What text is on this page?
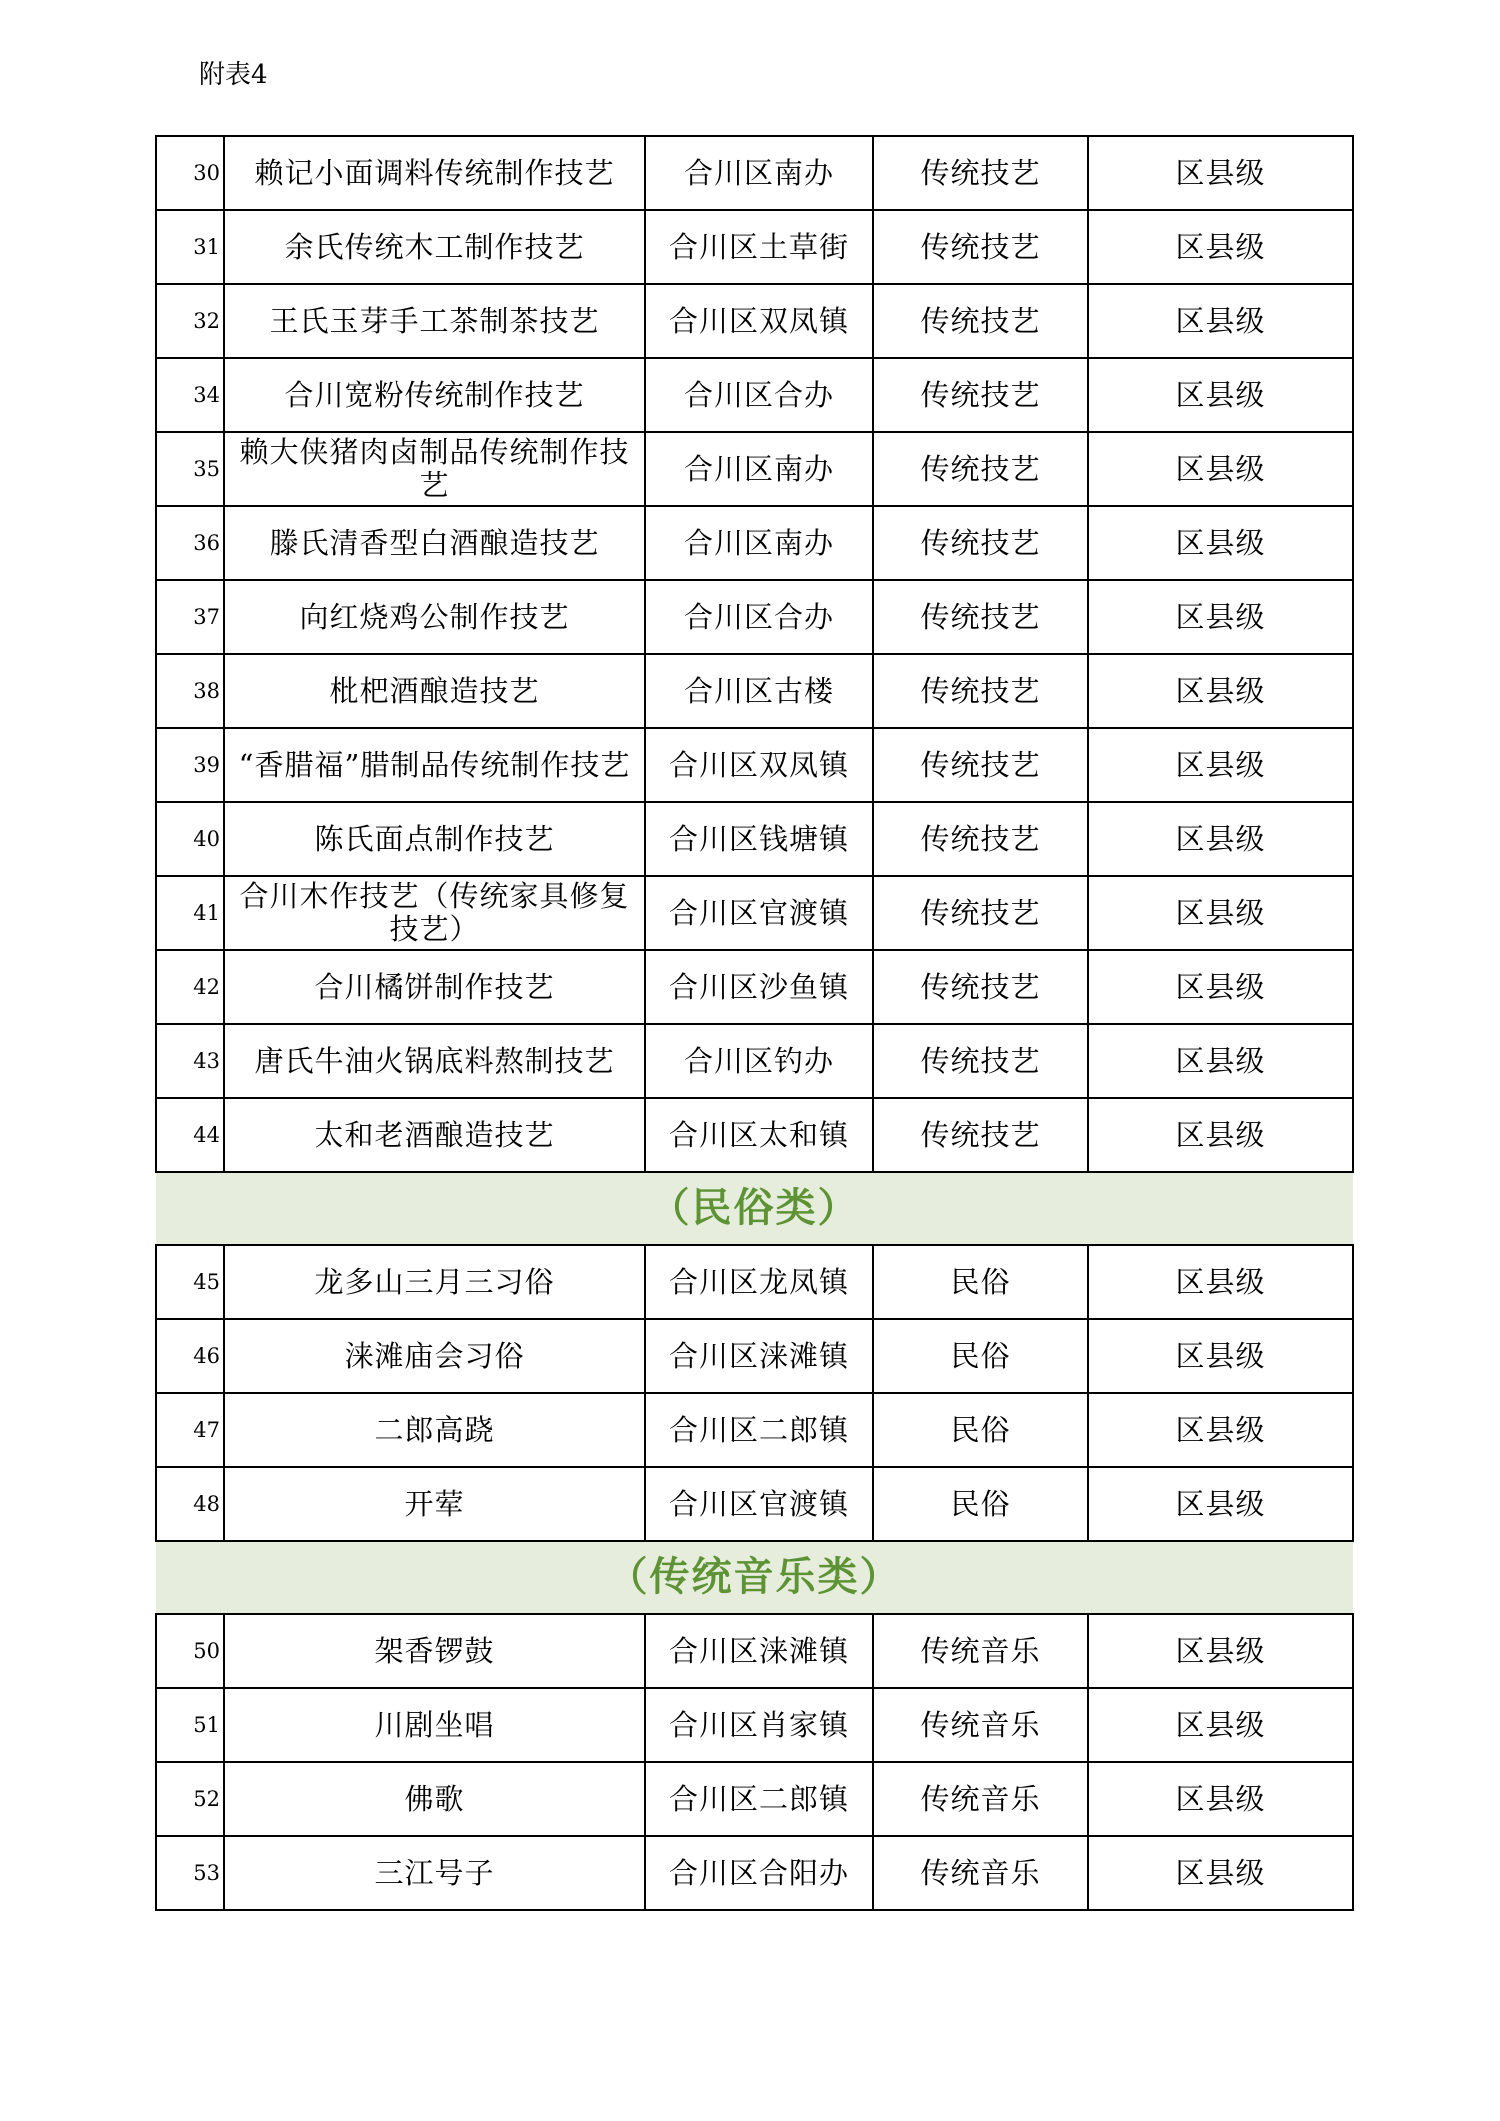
附表4
30	赖记小面调料传统制作技艺	合川区南办	传统技艺	区县级
31	余氏传统木工制作技艺	合川区土草街	传统技艺	区县级
32	王氏玉芽手工茶制茶技艺	合川区双凤镇	传统技艺	区县级
34	合川宽粉传统制作技艺	合川区合办	传统技艺	区县级
35	赖大侠猪肉卤制品传统制作技艺	合川区南办	传统技艺	区县级
36	滕氏清香型白酒酿造技艺	合川区南办	传统技艺	区县级
37	向红烧鸡公制作技艺	合川区合办	传统技艺	区县级
38	枇杷酒酿造技艺	合川区古楼	传统技艺	区县级
39	“香腊福”腊制品传统制作技艺	合川区双凤镇	传统技艺	区县级
40	陈氏面点制作技艺	合川区钱塘镇	传统技艺	区县级
41	合川木作技艺（传统家具修复技艺）	合川区官渡镇	传统技艺	区县级
42	合川橘饼制作技艺	合川区沙鱼镇	传统技艺	区县级
43	唐氏牛油火锅底料熬制技艺	合川区钓办	传统技艺	区县级
44	太和老酒酿造技艺	合川区太和镇	传统技艺	区县级
（民俗类）				
45	龙多山三月三习俗	合川区龙凤镇	民俗	区县级
46	涞滩庙会习俗	合川区涞滩镇	民俗	区县级
47	二郎高跷	合川区二郎镇	民俗	区县级
48	开荤	合川区官渡镇	民俗	区县级
（传统音乐类）				
50	架香锣鼓	合川区涞滩镇	传统音乐	区县级
51	川剧坐唱	合川区肖家镇	传统音乐	区县级
52	佛歌	合川区二郎镇	传统音乐	区县级
53	三江号子	合川区合阳办	传统音乐	区县级
